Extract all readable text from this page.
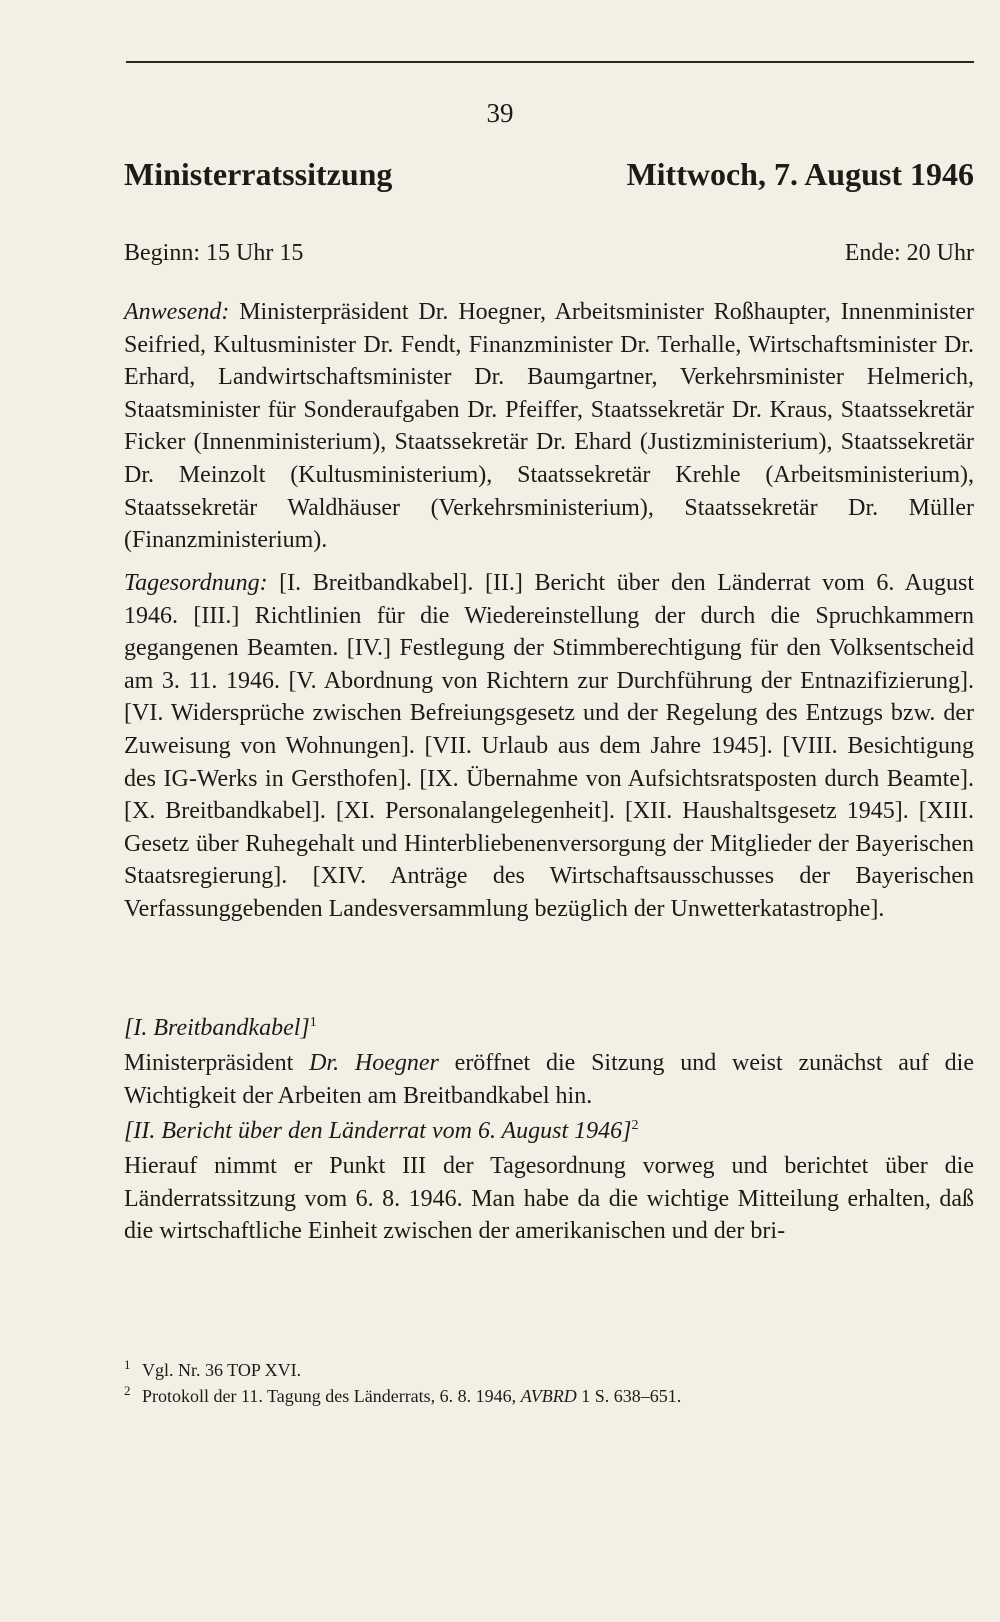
39
Ministerratssitzung	Mittwoch, 7. August 1946
Beginn: 15 Uhr 15	Ende: 20 Uhr
Anwesend: Ministerpräsident Dr. Hoegner, Arbeitsminister Roßhaupter, Innenminister Seifried, Kultusminister Dr. Fendt, Finanzminister Dr. Terhalle, Wirtschaftsminister Dr. Erhard, Landwirtschaftsminister Dr. Baumgartner, Verkehrsminister Helmerich, Staatsminister für Sonderaufgaben Dr. Pfeiffer, Staatssekretär Dr. Kraus, Staatssekretär Ficker (Innenministerium), Staatssekretär Dr. Ehard (Justizministerium), Staatssekretär Dr. Meinzolt (Kultusministerium), Staatssekretär Krehle (Arbeitsministerium), Staatssekretär Waldhäuser (Verkehrsministerium), Staatssekretär Dr. Müller (Finanzministerium).
Tagesordnung: [I. Breitbandkabel]. [II.] Bericht über den Länderrat vom 6. August 1946. [III.] Richtlinien für die Wiedereinstellung der durch die Spruchkammern gegangenen Beamten. [IV.] Festlegung der Stimmberechtigung für den Volksentscheid am 3. 11. 1946. [V. Abordnung von Richtern zur Durchführung der Entnazifizierung]. [VI. Widersprüche zwischen Befreiungsgesetz und der Regelung des Entzugs bzw. der Zuweisung von Wohnungen]. [VII. Urlaub aus dem Jahre 1945]. [VIII. Besichtigung des IG-Werks in Gersthofen]. [IX. Übernahme von Aufsichtsratsposten durch Beamte]. [X. Breitbandkabel]. [XI. Personalangelegenheit]. [XII. Haushaltsgesetz 1945]. [XIII. Gesetz über Ruhegehalt und Hinterbliebenenversorgung der Mitglieder der Bayerischen Staatsregierung]. [XIV. Anträge des Wirtschaftsausschusses der Bayerischen Verfassunggebenden Landesversammlung bezüglich der Unwetterkatastrophe].
[I. Breitbandkabel]$^1$
Ministerpräsident Dr. Hoegner eröffnet die Sitzung und weist zunächst auf die Wichtigkeit der Arbeiten am Breitbandkabel hin.
[II. Bericht über den Länderrat vom 6. August 1946]$^2$
Hierauf nimmt er Punkt III der Tagesordnung vorweg und berichtet über die Länderratssitzung vom 6. 8. 1946. Man habe da die wichtige Mitteilung erhalten, daß die wirtschaftliche Einheit zwischen der amerikanischen und der bri-
1 Vgl. Nr. 36 TOP XVI.
2 Protokoll der 11. Tagung des Länderrats, 6. 8. 1946, AVBRD 1 S. 638–651.
